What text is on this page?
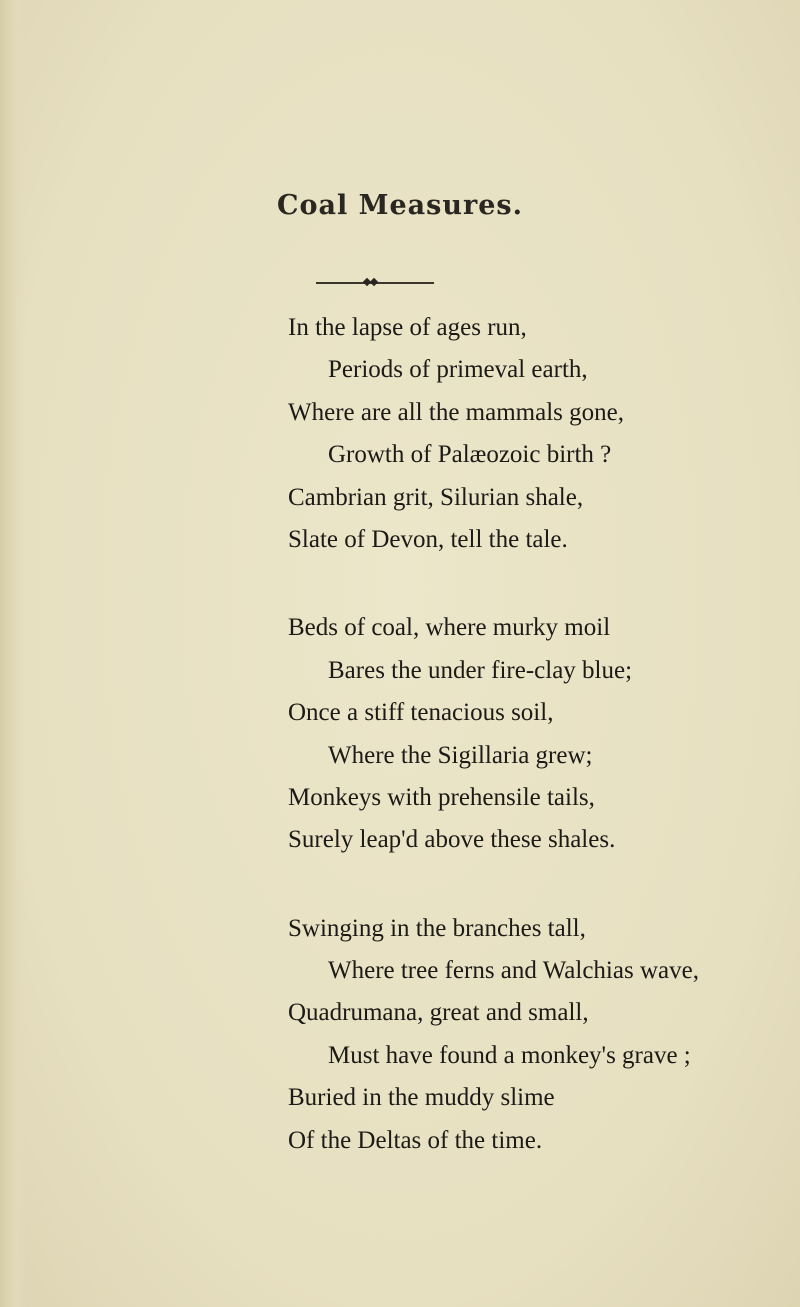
Coal Measures.
In the lapse of ages run,
Periods of primeval earth,
Where are all the mammals gone,
Growth of Palæozoic birth ?
Cambrian grit, Silurian shale,
Slate of Devon, tell the tale.
Beds of coal, where murky moil
Bares the under fire-clay blue;
Once a stiff tenacious soil,
Where the Sigillaria grew;
Monkeys with prehensile tails,
Surely leap'd above these shales.
Swinging in the branches tall,
Where tree ferns and Walchias wave,
Quadrumana, great and small,
Must have found a monkey's grave ;
Buried in the muddy slime
Of the Deltas of the time.
